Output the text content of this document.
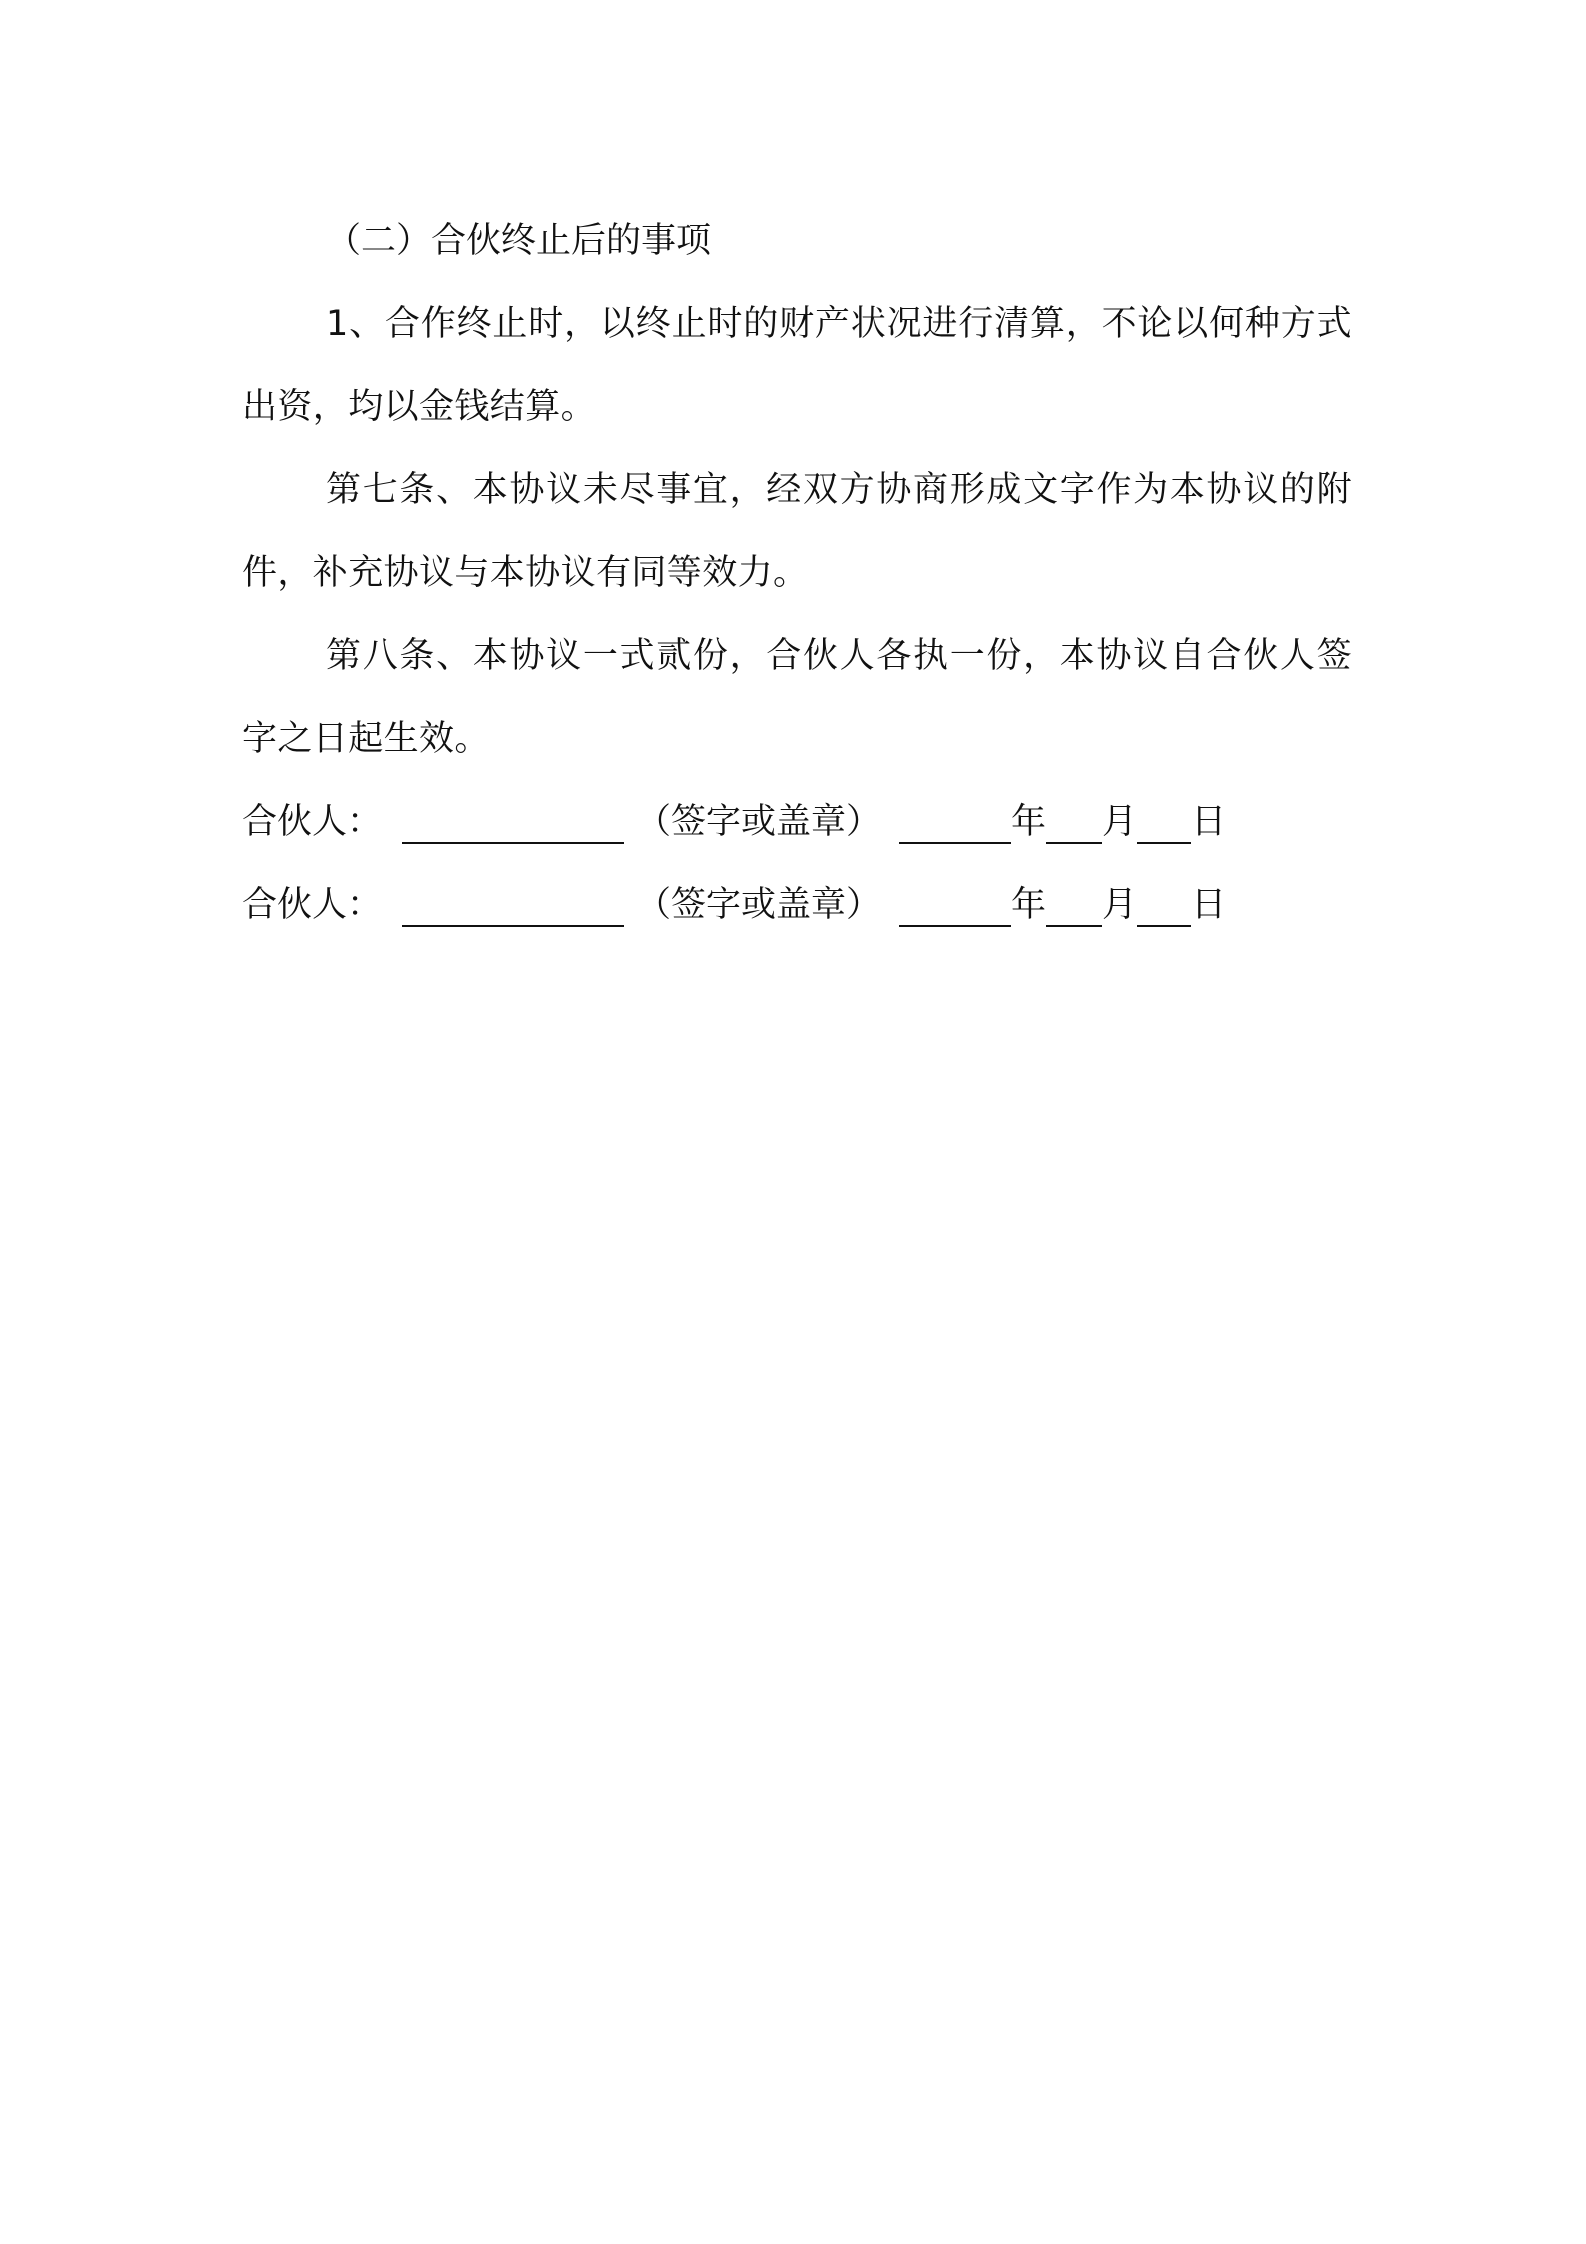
（二）合伙终止后的事项

1、合作终止时，以终止时的财产状况进行清算，不论以何种方式出资，均以金钱结算。

第七条、本协议未尽事宜，经双方协商形成文字作为本协议的附件，补充协议与本协议有同等效力。

第八条、本协议一式贰份，合伙人各执一份，本协议自合伙人签字之日起生效。

合伙人：	（签字或盖章）	年 月 日
合伙人：	（签字或盖章）	年 月 日
